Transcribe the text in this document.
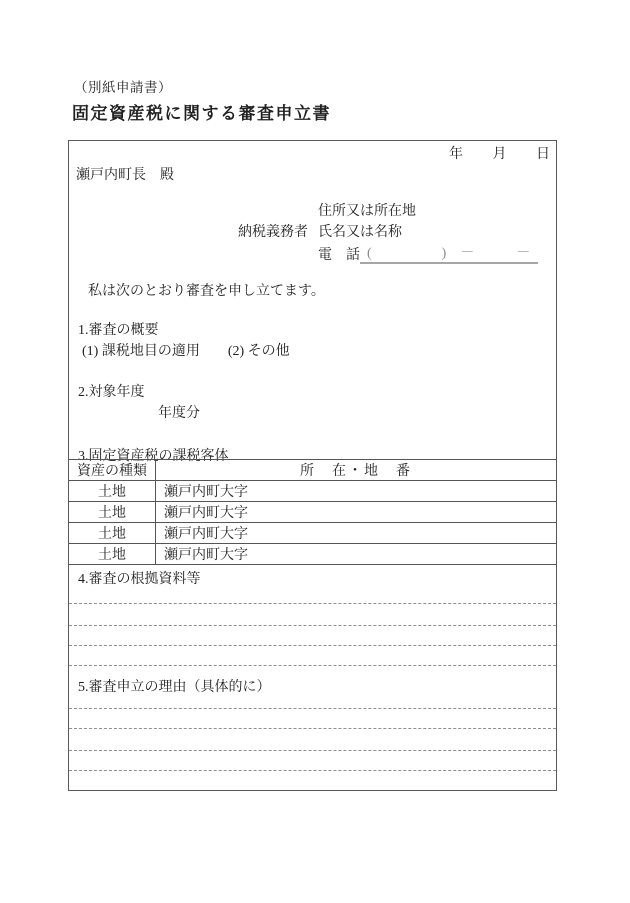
（別紙申請書）
固定資産税に関する審査申立書
年 月 日
瀬戸内町長　殿
住所又は所在地
納税義務者 氏名又は名称
電　話 (　　　　　)　－　　　－
私は次のとおり審査を申し立てます。
1.審査の概要
(1) 課税地目の適用　　(2) その他
2.対象年度
年度分
3.固定資産税の課税客体
資産の種類	所　在・地　番
土地	瀬戸内町大字
土地	瀬戸内町大字
土地	瀬戸内町大字
土地	瀬戸内町大字
4.審査の根拠資料等
5.審査申立の理由（具体的に）
